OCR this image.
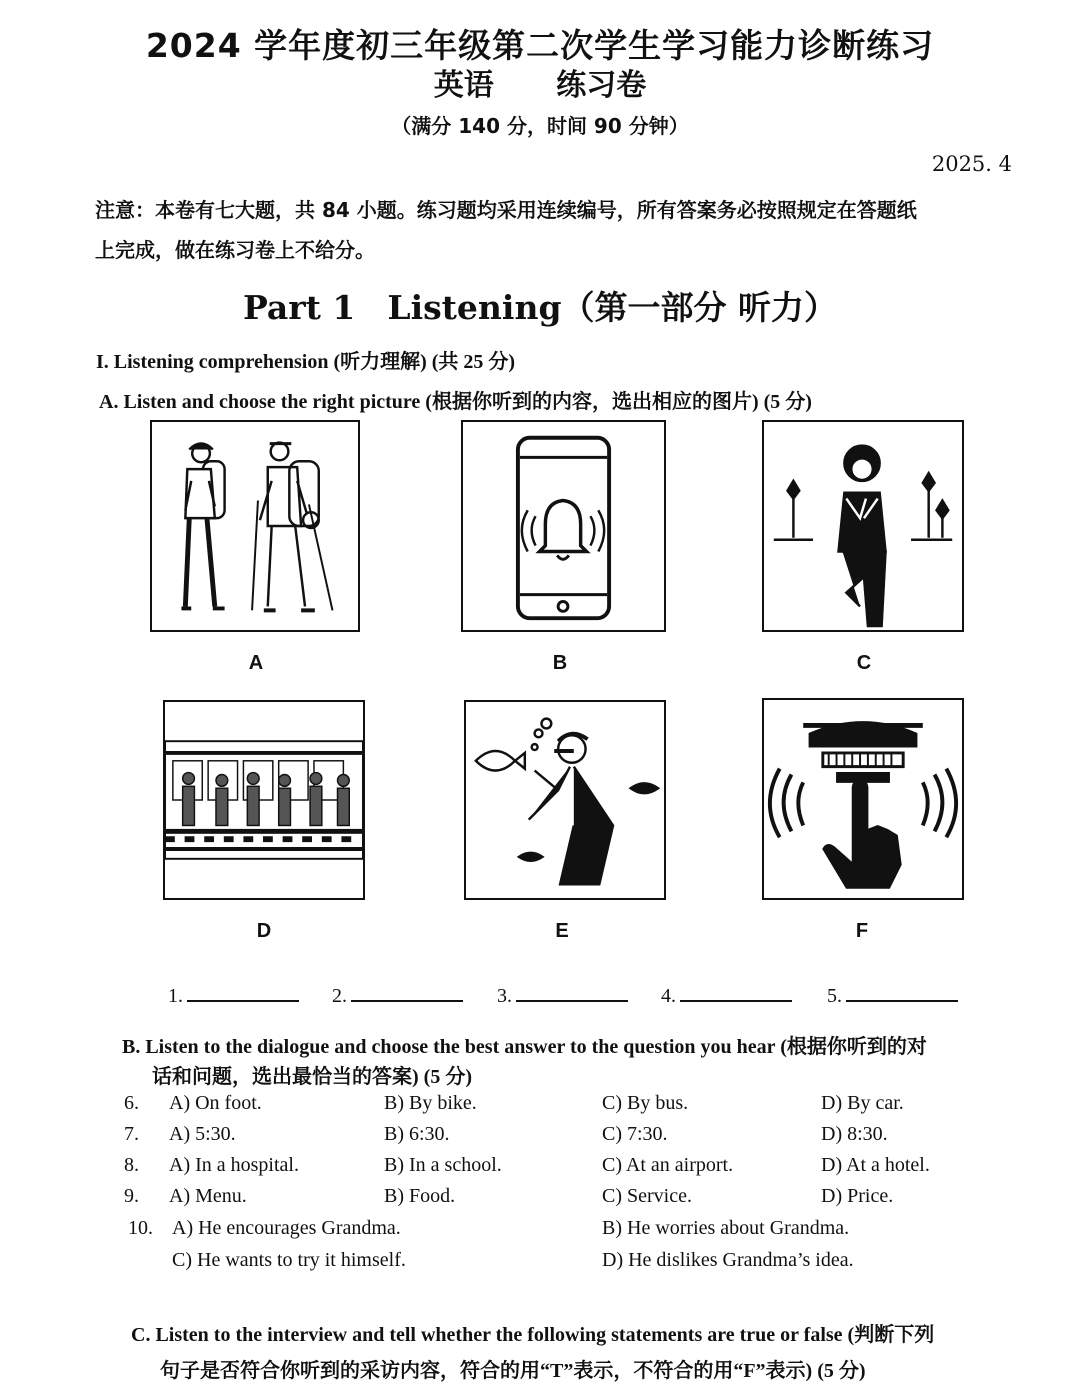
2024 学年度初三年级第二次学生学习能力诊断练习
英语 练习卷
（满分 140 分，时间 90 分钟）
2025. 4
注意：本卷有七大题，共 84 小题。练习题均采用连续编号，所有答案务必按照规定在答题纸
上完成，做在练习卷上不给分。
Part 1 Listening（第一部分 听力）
I. Listening comprehension (听力理解) (共 25 分)
A. Listen and choose the right picture (根据你听到的内容，选出相应的图片) (5 分)
A	B	C
D	E	F
1.	2.	3.	4.	5.
B. Listen to the dialogue and choose the best answer to the question you hear (根据你听到的对
话和问题，选出最恰当的答案) (5 分)
6. A) On foot.	B) By bike.	C) By bus.	D) By car.
7. A) 5:30.	B) 6:30.	C) 7:30.	D) 8:30.
8. A) In a hospital.	B) In a school.	C) At an airport.	D) At a hotel.
9. A) Menu.	B) Food.	C) Service.	D) Price.
10. A) He encourages Grandma.	B) He worries about Grandma.
C) He wants to try it himself.	D) He dislikes Grandma’s idea.
C. Listen to the interview and tell whether the following statements are true or false (判断下列
句子是否符合你听到的采访内容，符合的用“T”表示，不符合的用“F”表示) (5 分)
